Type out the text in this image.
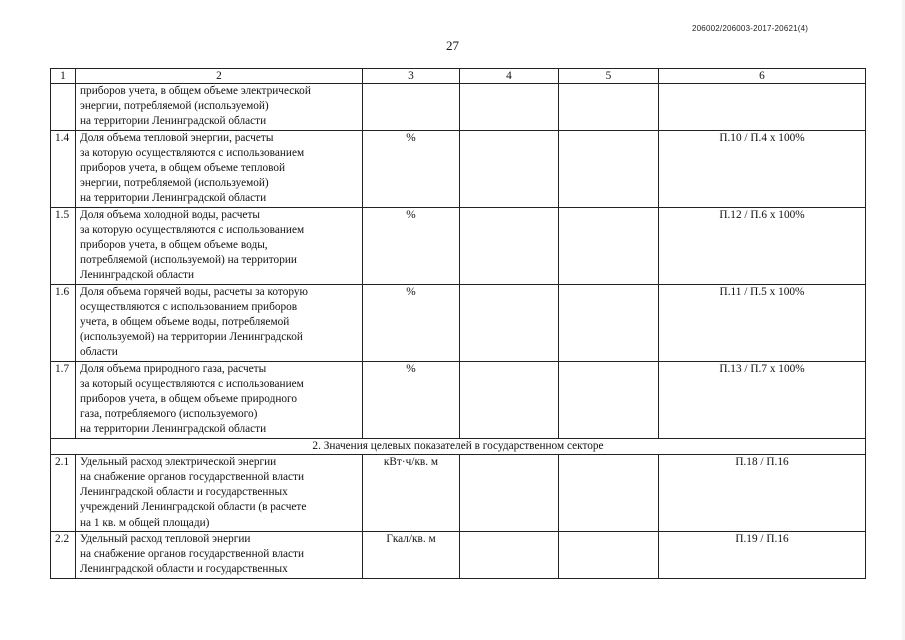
206002/206003-2017-20621(4)
27
1	2	3	4	5	6
	приборов учета, в общем объеме электрической
энергии, потребляемой (используемой)
на территории Ленинградской области				
1.4	Доля объема тепловой энергии, расчеты
за которую осуществляются с использованием
приборов учета, в общем объеме тепловой
энергии, потребляемой (используемой)
на территории Ленинградской области	%			П.10 / П.4 х 100%
1.5	Доля объема холодной воды, расчеты
за которую осуществляются с использованием
приборов учета, в общем объеме воды,
потребляемой (используемой) на территории
Ленинградской области	%			П.12 / П.6 х 100%
1.6	Доля объема горячей воды, расчеты за которую
осуществляются с использованием приборов
учета, в общем объеме воды, потребляемой
(используемой) на территории Ленинградской
области	%			П.11 / П.5 х 100%
1.7	Доля объема природного газа, расчеты
за который осуществляются с использованием
приборов учета, в общем объеме природного
газа, потребляемого (используемого)
на территории Ленинградской области	%			П.13 / П.7 х 100%
2. Значения целевых показателей в государственном секторе					
2.1	Удельный расход электрической энергии
на снабжение органов государственной власти
Ленинградской области и государственных
учреждений Ленинградской области (в расчете
на 1 кв. м общей площади)	кВт·ч/кв. м			П.18 / П.16
2.2	Удельный расход тепловой энергии
на снабжение органов государственной власти
Ленинградской области и государственных	Гкал/кв. м			П.19 / П.16
